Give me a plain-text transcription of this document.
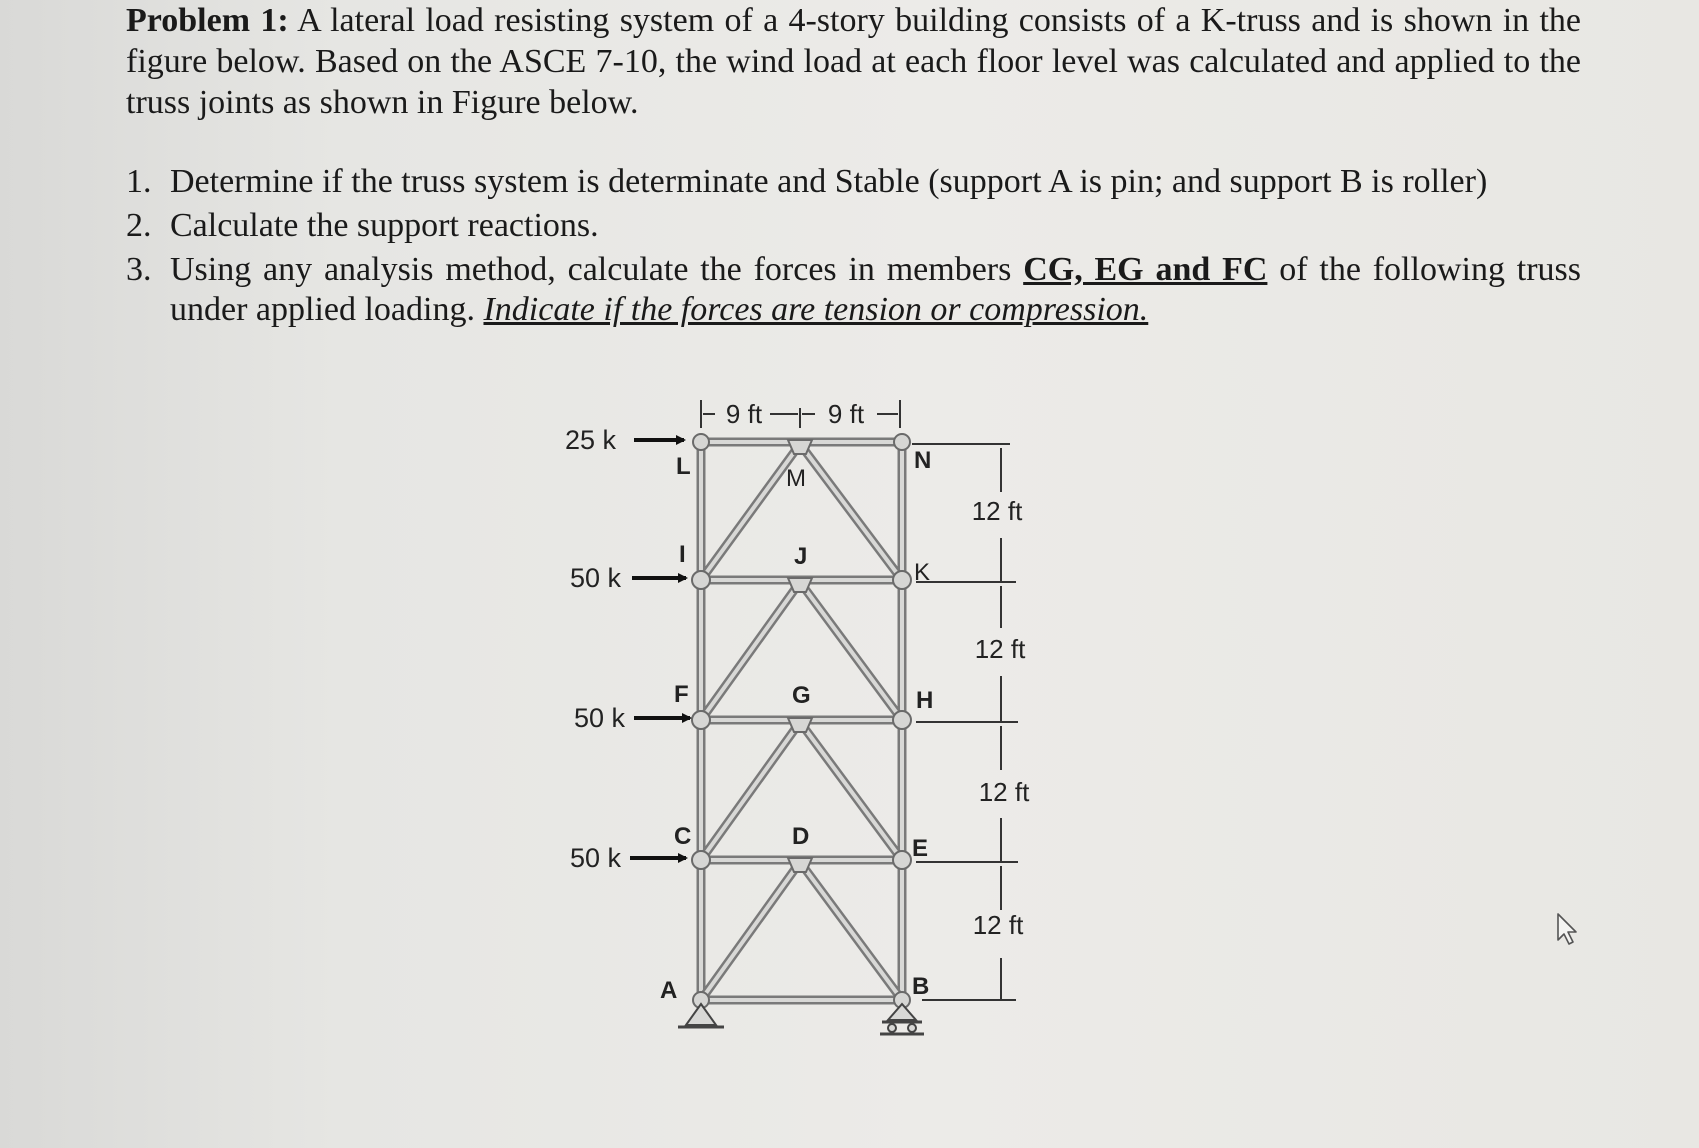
Problem 1: A lateral load resisting system of a 4-story building consists of a K-truss and is shown in the figure below. Based on the ASCE 7-10, the wind load at each floor level was calculated and applied to the truss joints as shown in Figure below.

1. Determine if the truss system is determinate and Stable (support A is pin; and support B is roller)
2. Calculate the support reactions.
3. Using any analysis method, calculate the forces in members CG, EG and FC of the following truss under applied loading. Indicate if the forces are tension or compression.
9 ft	9 ft
12 ft
12 ft
12 ft
12 ft
25 k
50 k
50 k
50 k
L	M
N
I	J
K
F	G	H
C	D	E
A	B
